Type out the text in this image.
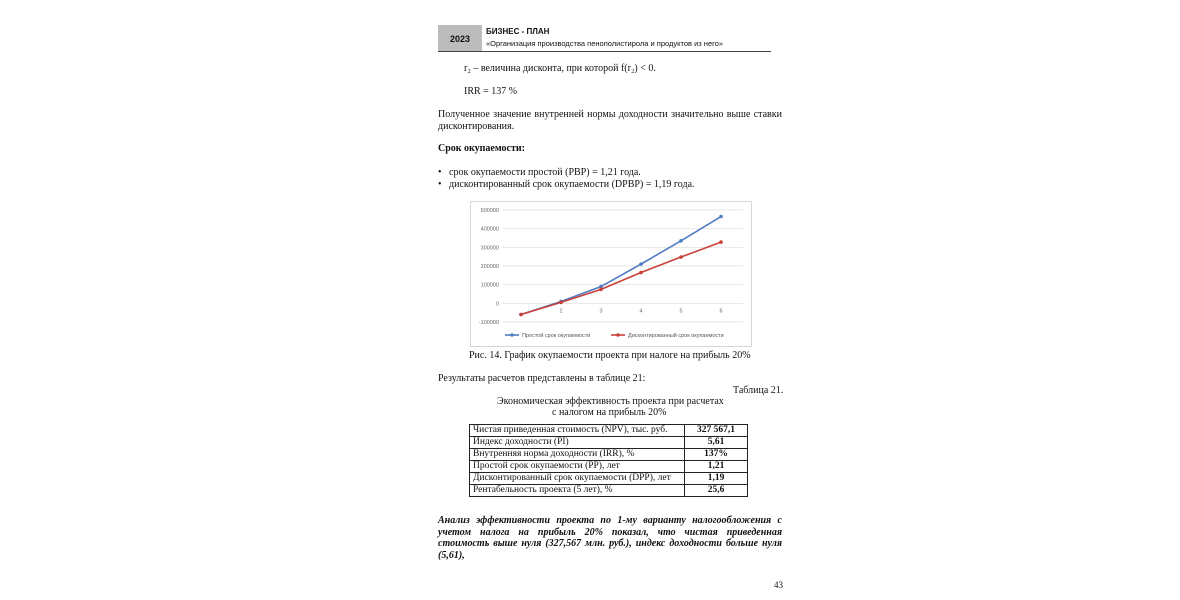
2023
БИЗНЕС - ПЛАН
«Организация производства пенополистирола и продуктов из него»
r₂ – величина дисконта, при которой f(r₂) < 0.
IRR = 137 %
Полученное значение внутренней нормы доходности значительно выше ставки дисконтирования.
Срок окупаемости:
•   срок окупаемости простой (PBP) = 1,21 года.
•   дисконтированный срок окупаемости (DPBP) = 1,19 года.
500000
400000
300000
200000
100000
0
-100000
2	3	4	5	6
Простой срок окупаемости	Дисконтированный срок окупаемости
Рис. 14. График окупаемости проекта при налоге на прибыль 20%
Результаты расчетов представлены в таблице 21:
Таблица 21.
Экономическая эффективность проекта при расчетах
с налогом на прибыль 20%
Чистая приведенная стоимость (NPV), тыс. руб.	327 567,1
Индекс доходности (PI)	5,61
Внутренняя норма доходности (IRR), %	137%
Простой срок окупаемости (PP), лет	1,21
Дисконтированный срок окупаемости (DPP), лет	1,19
Рентабельность проекта (5 лет), %	25,6
Анализ эффективности проекта по 1-му варианту налогообложения с учетом налога на прибыль 20% показал, что чистая приведенная стоимость выше нуля (327,567 млн. руб.), индекс доходности больше нуля (5,61),
43
